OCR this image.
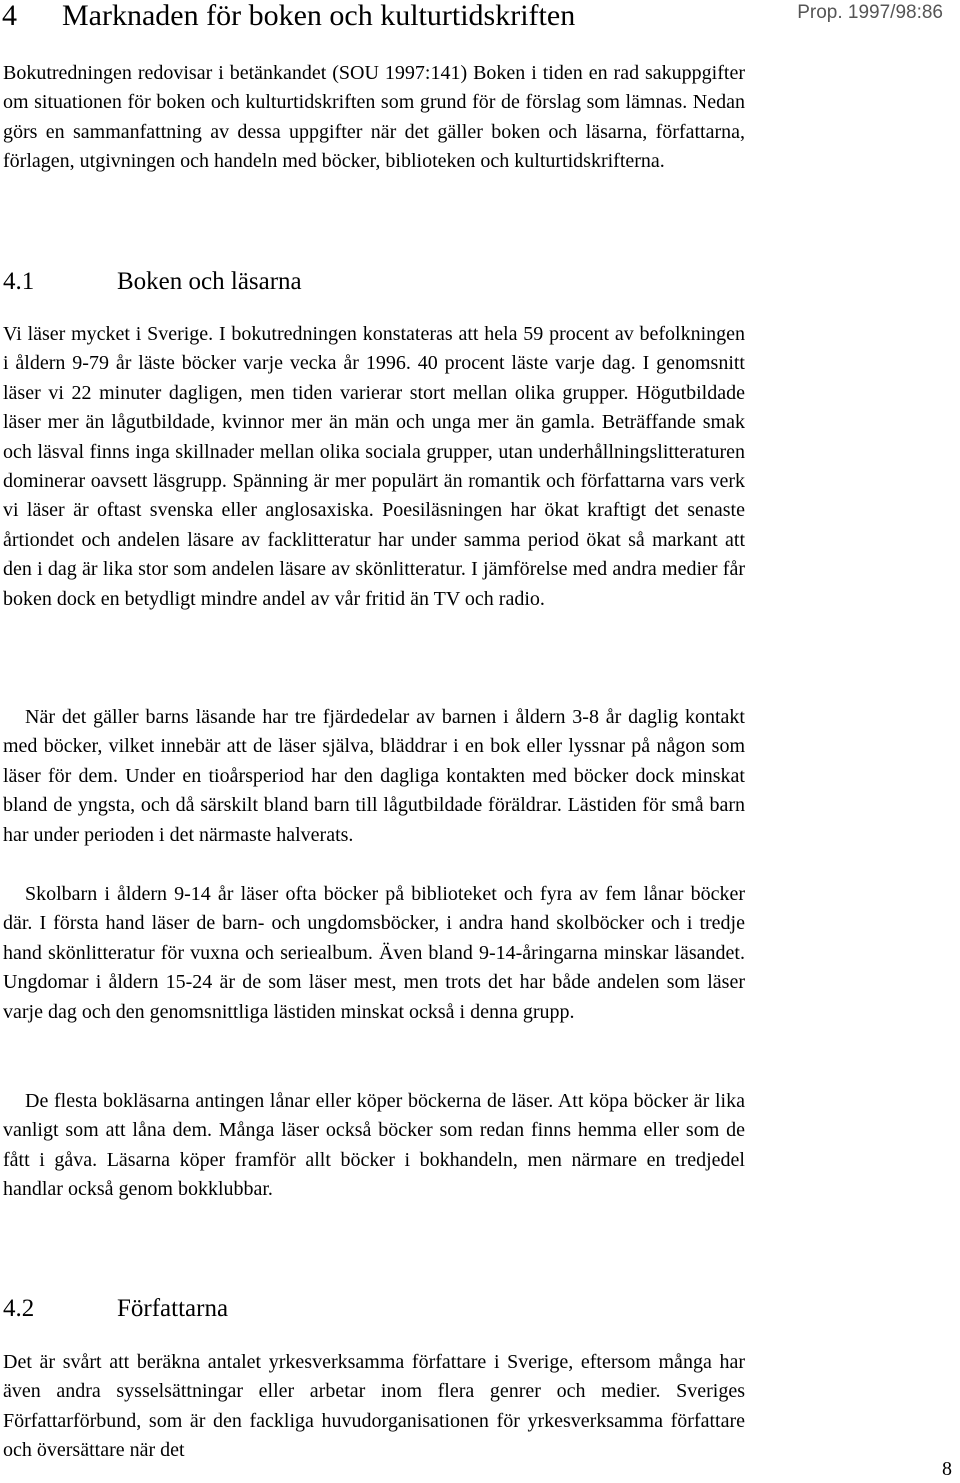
4 Marknaden för boken och kulturtidskriften	Prop. 1997/98:86

Bokutredningen redovisar i betänkandet (SOU 1997:141) Boken i tiden en rad sakuppgifter om situationen för boken och kulturtidskriften som grund för de förslag som lämnas. Nedan görs en sammanfattning av dessa uppgifter när det gäller boken och läsarna, författarna, förlagen, utgivningen och handeln med böcker, biblioteken och kulturtidskrifterna.

4.1	Boken och läsarna

Vi läser mycket i Sverige. I bokutredningen konstateras att hela 59 procent av befolkningen i åldern 9-79 år läste böcker varje vecka år 1996. 40 procent läste varje dag. I genomsnitt läser vi 22 minuter dagligen, men tiden varierar stort mellan olika grupper. Högutbildade läser mer än lågutbildade, kvinnor mer än män och unga mer än gamla. Beträffande smak och läsval finns inga skillnader mellan olika sociala grupper, utan underhållningslitteraturen dominerar oavsett läsgrupp. Spänning är mer populärt än romantik och författarna vars verk vi läser är oftast svenska eller anglosaxiska. Poesiläsningen har ökat kraftigt det senaste årtiondet och andelen läsare av facklitteratur har under samma period ökat så markant att den i dag är lika stor som andelen läsare av skönlitteratur. I jämförelse med andra medier får boken dock en betydligt mindre andel av vår fritid än TV och radio.

När det gäller barns läsande har tre fjärdedelar av barnen i åldern 3-8 år daglig kontakt med böcker, vilket innebär att de läser själva, bläddrar i en bok eller lyssnar på någon som läser för dem. Under en tioårsperiod har den dagliga kontakten med böcker dock minskat bland de yngsta, och då särskilt bland barn till lågutbildade föräldrar. Lästiden för små barn har under perioden i det närmaste halverats.

Skolbarn i åldern 9-14 år läser ofta böcker på biblioteket och fyra av fem lånar böcker där. I första hand läser de barn- och ungdomsböcker, i andra hand skolböcker och i tredje hand skönlitteratur för vuxna och seriealbum. Även bland 9-14-åringarna minskar läsandet. Ungdomar i åldern 15-24 är de som läser mest, men trots det har både andelen som läser varje dag och den genomsnittliga lästiden minskat också i denna grupp.

De flesta bokläsarna antingen lånar eller köper böckerna de läser. Att köpa böcker är lika vanligt som att låna dem. Många läser också böcker som redan finns hemma eller som de fått i gåva. Läsarna köper framför allt böcker i bokhandeln, men närmare en tredjedel handlar också genom bokklubbar.

4.2	Författarna

Det är svårt att beräkna antalet yrkesverksamma författare i Sverige, eftersom många har även andra sysselsättningar eller arbetar inom flera genrer och medier. Sveriges Författarförbund, som är den fackliga huvudorganisationen för yrkesverksamma författare och översättare när det

8
